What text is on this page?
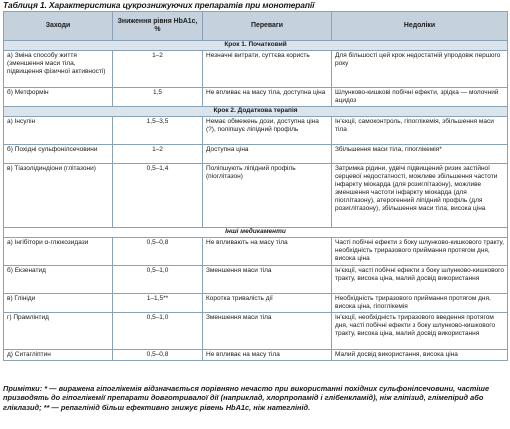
Таблиця 1. Характеристика цукрознижуючих препаратів при монотерапії
Заходи	Зниження рівня HbA1c, %	Переваги	Недоліки
Крок 1. Початковий			
а) Зміна способу життя (зменшення маси тіла, підвищення фізичної активності)	1–2	Незначні витрати, суттєва користь	Для більшості цей крок недостатній упродовж першого року
б) Метформін	1,5	Не впливає на масу тіла, доступна ціна	Шлунково-кишкові побічні ефекти, зрідка — молочний ацидоз
Крок 2. Додаткова терапія			
а) Інсулін	1,5–3,5	Немає обмежень дози, доступна ціна (?), поліпшує ліпідний профіль	Ін'єкції, самоконтроль, гіпоглікемія, збільшення маси тіла
б) Похідні сульфонілсечовини	1–2	Доступна ціна	Збільшення маси тіла, гіпоглікемія*
в) Тіазолідиндіони (глітазони)	0,5–1,4	Поліпшують ліпідний профіль (піоглітазон)	Затримка рідини, удвічі підвищений ризик застійної серцевої недостатності, можливе збільшення частоти інфаркту міокарда (для розиглітазону), можливе зменшення частоти інфаркту міокарда (для піоглітазону), атерогенний ліпідний профіль (для розиглітазону), збільшення маси тіла, висока ціна
Інші медикаменти			
а) Інгібітори α-глюкозидази	0,5–0,8	Не впливають на масу тіла	Часті побічні ефекти з боку шлунково-кишкового тракту, необхідність триразового приймання протягом дня, висока ціна
б) Екзенатид	0,5–1,0	Зменшення маси тіла	Ін'єкції, часті побічні ефекти з боку шлунково-кишкового тракту, висока ціна, малий досвід використання
в) Глініди	1–1,5**	Коротка тривалість дії	Необхідність триразового приймання протягом дня, висока ціна, гіпоглікемія
г) Прамлінтид	0,5–1,0	Зменшення маси тіла	Ін'єкції, необхідність триразового введення протягом дня, часті побічні ефекти з боку шлунково-кишкового тракту, висока ціна, малий досвід використання
д) Ситагліптин	0,5–0,8	Не впливає на масу тіла	Малий досвід використання, висока ціна
Примітки: * — виражена гіпоглікемія відзначається порівняно нечасто при використанні похідних сульфонілсечовини, частіше призводять до гіпоглікемії препарати довготривалої дії (наприклад, хлорпропамід і глібенкламід), ніж гліпізид, глімепірид або гліклазид; ** — репаглінід більш ефективно знижує рівень HbA1c, ніж натеглінід.
